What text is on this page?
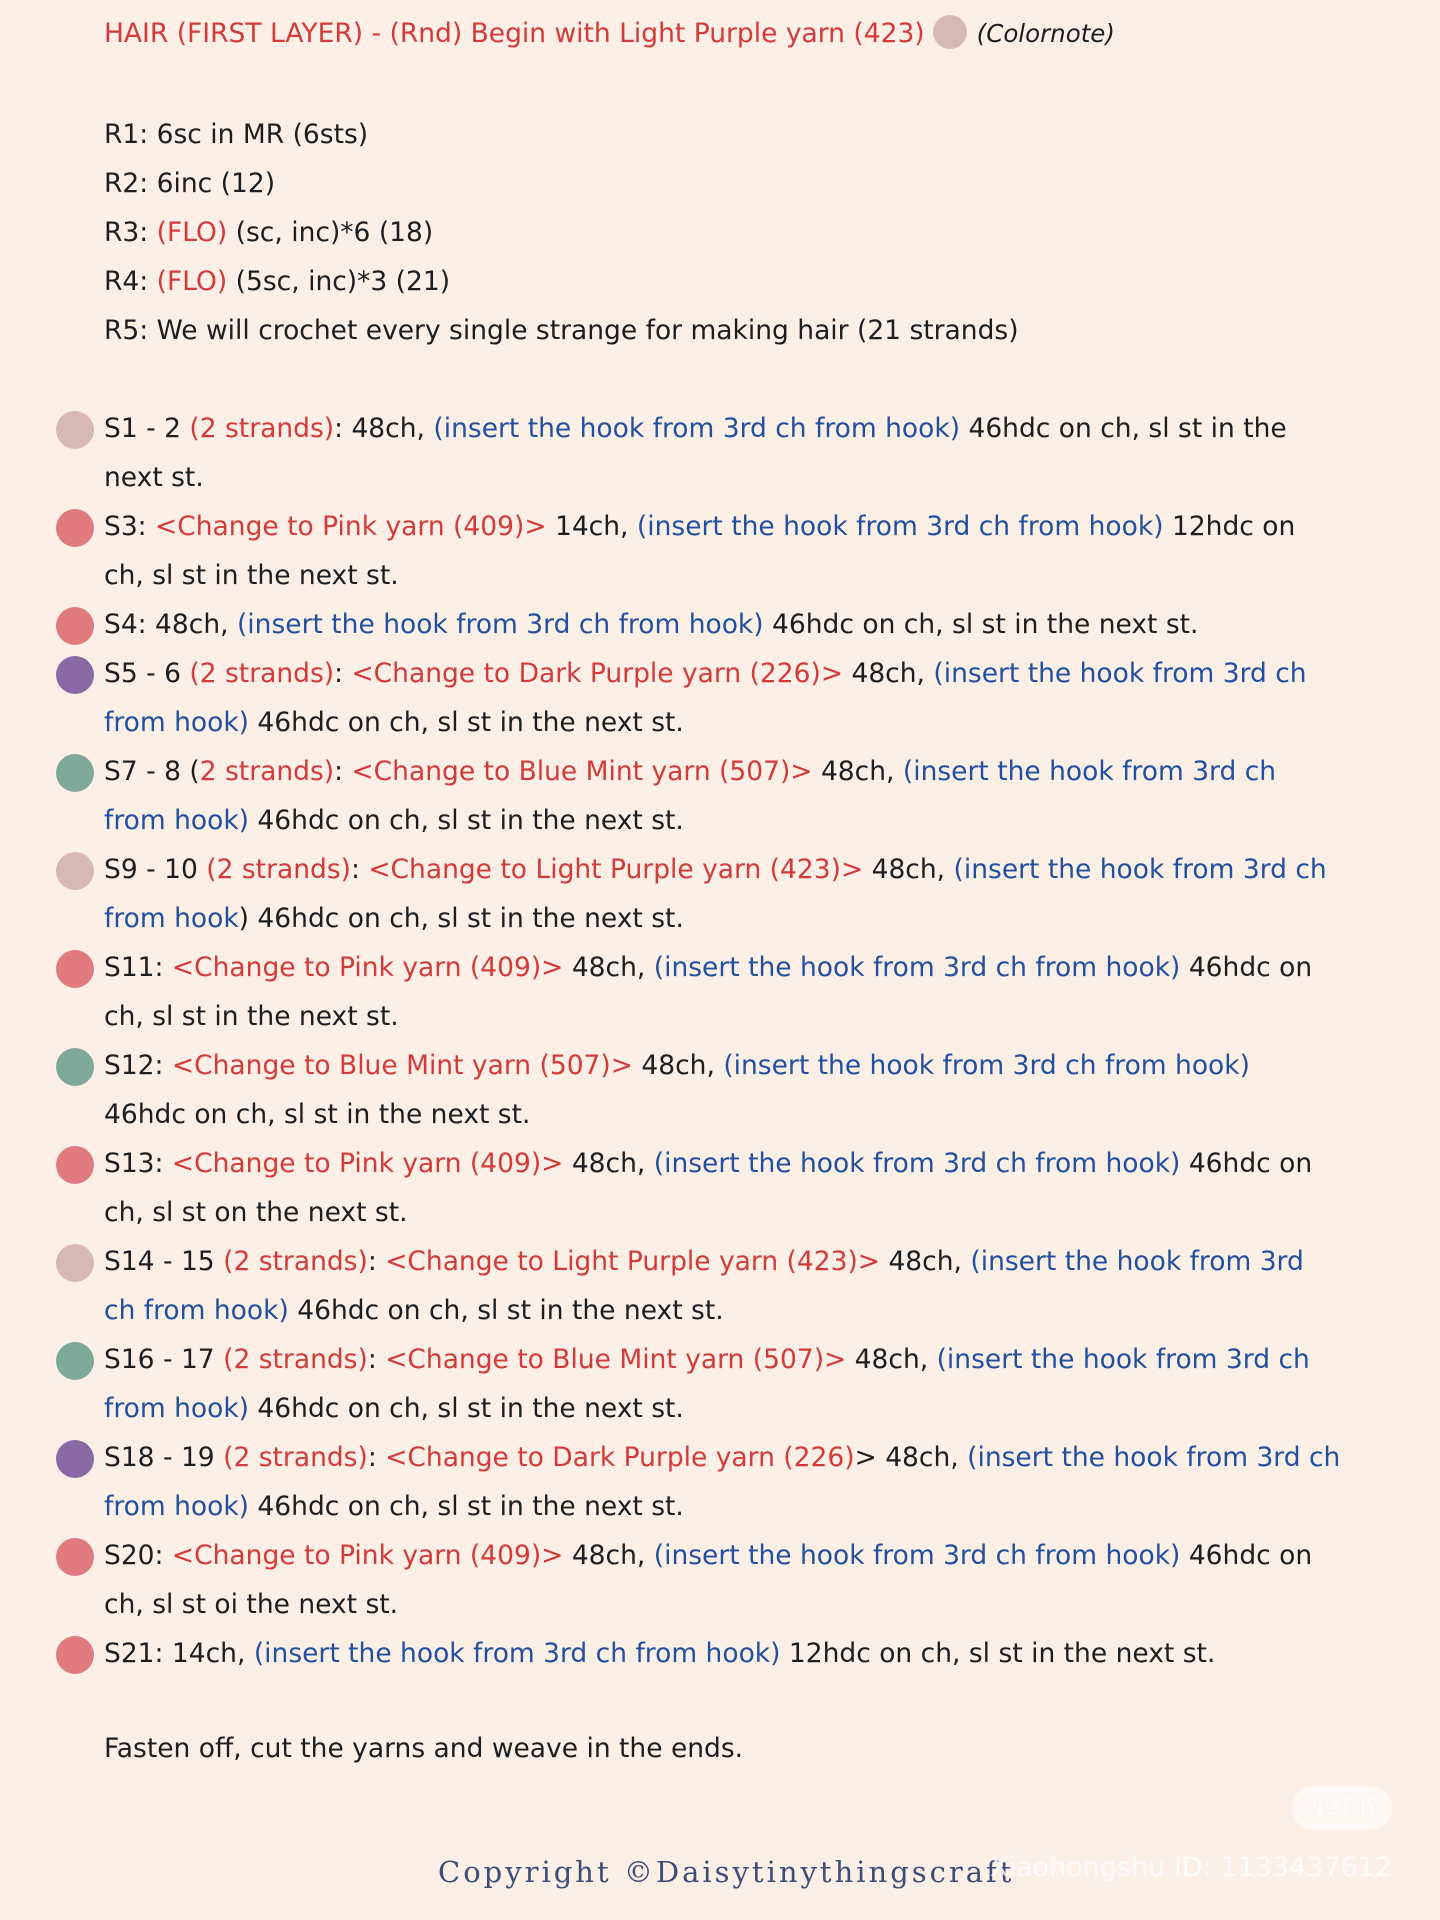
HAIR (FIRST LAYER) - (Rnd) Begin with Light Purple yarn (423) (Colornote)
R1: 6sc in MR (6sts)
R2: 6inc (12)
R3: (FLO) (sc, inc)*6 (18)
R4: (FLO) (5sc, inc)*3 (21)
R5: We will crochet every single strange for making hair (21 strands)
S1 - 2 (2 strands): 48ch, (insert the hook from 3rd ch from hook) 46hdc on ch, sl st in the
next st.
S3: <Change to Pink yarn (409)> 14ch, (insert the hook from 3rd ch from hook) 12hdc on
ch, sl st in the next st.
S4: 48ch, (insert the hook from 3rd ch from hook) 46hdc on ch, sl st in the next st.
S5 - 6 (2 strands): <Change to Dark Purple yarn (226)> 48ch, (insert the hook from 3rd ch
from hook) 46hdc on ch, sl st in the next st.
S7 - 8 (2 strands): <Change to Blue Mint yarn (507)> 48ch, (insert the hook from 3rd ch
from hook) 46hdc on ch, sl st in the next st.
S9 - 10 (2 strands): <Change to Light Purple yarn (423)> 48ch, (insert the hook from 3rd ch
from hook) 46hdc on ch, sl st in the next st.
S11: <Change to Pink yarn (409)> 48ch, (insert the hook from 3rd ch from hook) 46hdc on
ch, sl st in the next st.
S12: <Change to Blue Mint yarn (507)> 48ch, (insert the hook from 3rd ch from hook)
46hdc on ch, sl st in the next st.
S13: <Change to Pink yarn (409)> 48ch, (insert the hook from 3rd ch from hook) 46hdc on
ch, sl st on the next st.
S14 - 15 (2 strands): <Change to Light Purple yarn (423)> 48ch, (insert the hook from 3rd
ch from hook) 46hdc on ch, sl st in the next st.
S16 - 17 (2 strands): <Change to Blue Mint yarn (507)> 48ch, (insert the hook from 3rd ch
from hook) 46hdc on ch, sl st in the next st.
S18 - 19 (2 strands): <Change to Dark Purple yarn (226)> 48ch, (insert the hook from 3rd ch
from hook) 46hdc on ch, sl st in the next st.
S20: <Change to Pink yarn (409)> 48ch, (insert the hook from 3rd ch from hook) 46hdc on
ch, sl st oi the next st.
S21: 14ch, (insert the hook from 3rd ch from hook) 12hdc on ch, sl st in the next st.
Fasten off, cut the yarns and weave in the ends.
小红书
Copyright ©Daisytinythingscraft
Xiaohongshu ID: 1133437612
